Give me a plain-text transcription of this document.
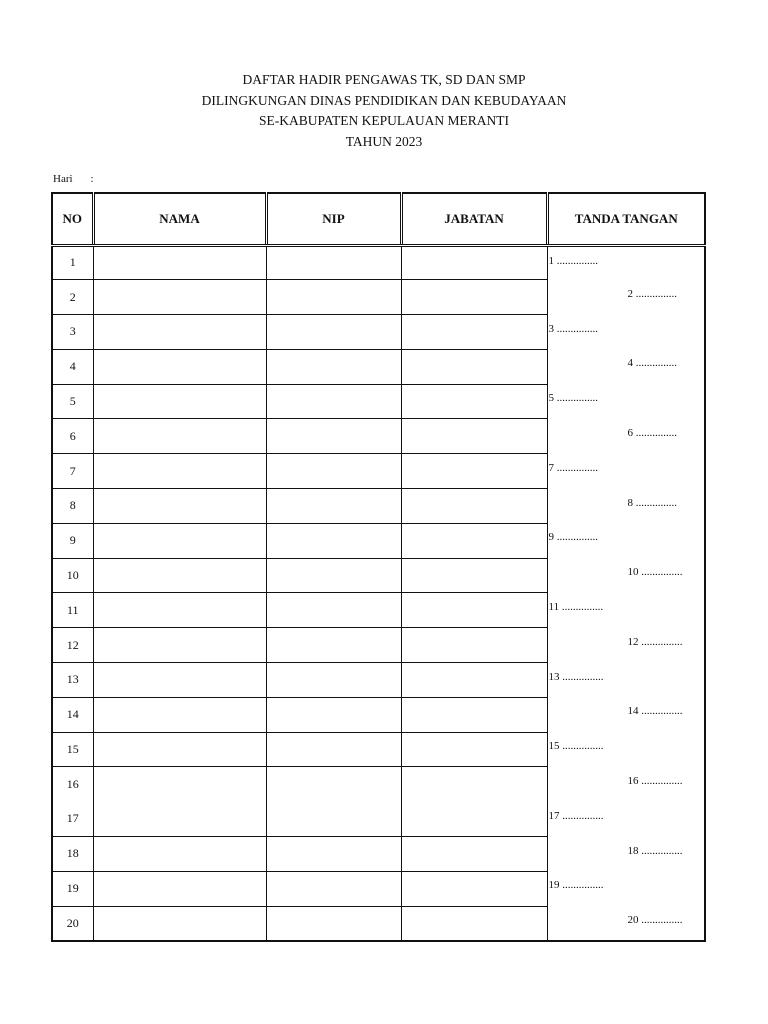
DAFTAR HADIR PENGAWAS TK, SD DAN SMP
DILINGKUNGAN DINAS PENDIDIKAN DAN KEBUDAYAAN
SE-KABUPATEN KEPULAUAN MERANTI
TAHUN 2023
Hari :
NO	NAMA	NIP	JABATAN	TANDA TANGAN
1				1 ...............

2				2 ...............

3				3 ...............

4				4 ...............

5				5 ...............

6				6 ...............

7				7 ...............

8				8 ...............

9				9 ...............

10				10 ...............

11				11 ...............

12				12 ...............

13				13 ...............

14				14 ...............

15				15 ...............

16				16 ...............

17				17 ...............

18				18 ...............

19				19 ...............

20				20 ...............
